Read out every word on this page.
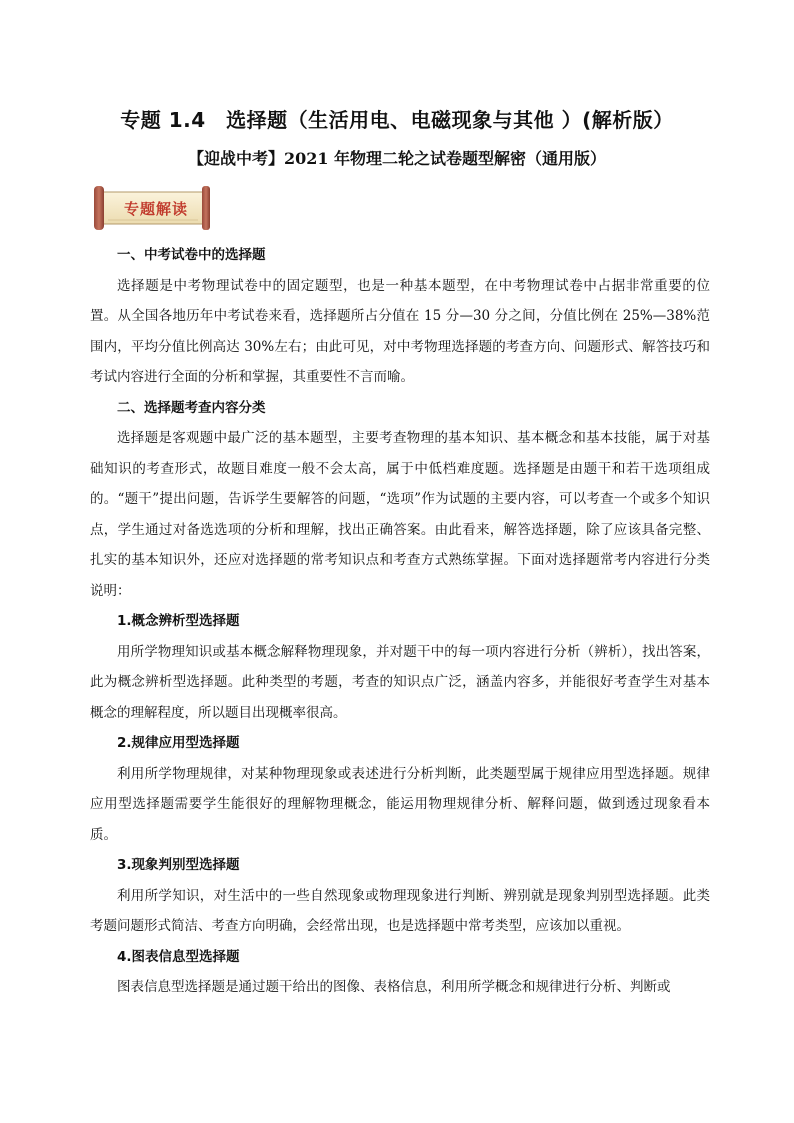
专题 1.4　选择题（生活用电、电磁现象与其他 ）(解析版）
【迎战中考】2021 年物理二轮之试卷题型解密（通用版）
专题解读
一、中考试卷中的选择题

选择题是中考物理试卷中的固定题型，也是一种基本题型，在中考物理试卷中占据非常重要的位置。从全国各地历年中考试卷来看，选择题所占分值在 15 分—30 分之间，分值比例在 25%—38%范围内，平均分值比例高达 30%左右；由此可见，对中考物理选择题的考查方向、问题形式、解答技巧和考试内容进行全面的分析和掌握，其重要性不言而喻。

二、选择题考查内容分类

选择题是客观题中最广泛的基本题型，主要考查物理的基本知识、基本概念和基本技能，属于对基础知识的考查形式，故题目难度一般不会太高，属于中低档难度题。选择题是由题干和若干选项组成的。“题干”提出问题，告诉学生要解答的问题，“选项”作为试题的主要内容，可以考查一个或多个知识点，学生通过对备选选项的分析和理解，找出正确答案。由此看来，解答选择题，除了应该具备完整、扎实的基本知识外，还应对选择题的常考知识点和考查方式熟练掌握。下面对选择题常考内容进行分类说明：

1.概念辨析型选择题

用所学物理知识或基本概念解释物理现象，并对题干中的每一项内容进行分析（辨析），找出答案，此为概念辨析型选择题。此种类型的考题，考查的知识点广泛，涵盖内容多，并能很好考查学生对基本概念的理解程度，所以题目出现概率很高。

2.规律应用型选择题

利用所学物理规律，对某种物理现象或表述进行分析判断，此类题型属于规律应用型选择题。规律应用型选择题需要学生能很好的理解物理概念，能运用物理规律分析、解释问题，做到透过现象看本质。

3.现象判别型选择题

利用所学知识，对生活中的一些自然现象或物理现象进行判断、辨别就是现象判别型选择题。此类考题问题形式简洁、考查方向明确，会经常出现，也是选择题中常考类型，应该加以重视。

4.图表信息型选择题

图表信息型选择题是通过题干给出的图像、表格信息，利用所学概念和规律进行分析、判断或
